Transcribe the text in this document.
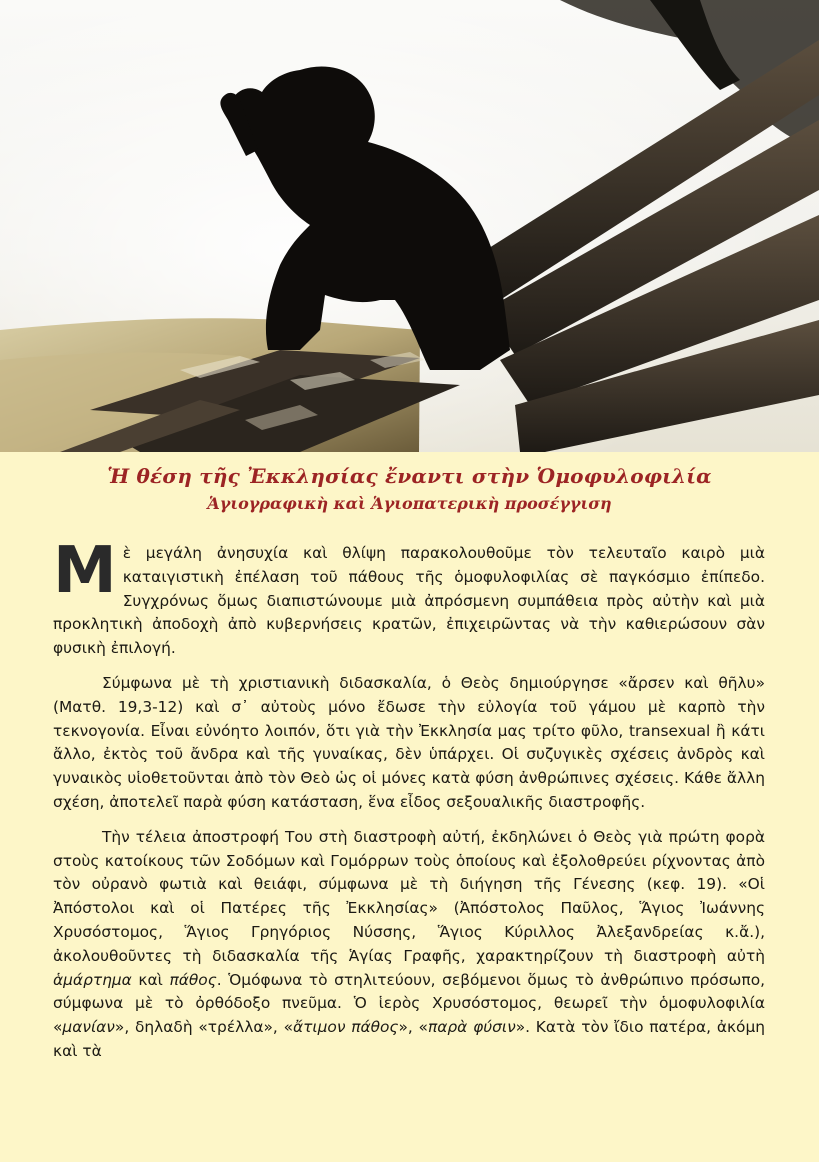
Ἡ θέση τῆς Ἐκκλησίας ἔναντι στὴν Ὁμοφυλοφιλία
Ἁγιογραφικὴ καὶ Ἁγιοπατερικὴ προσέγγιση

Μὲ μεγάλη ἀνησυχία καὶ θλίψη παρακολουθοῦμε τὸν τελευταῖο καιρὸ μιὰ καταιγιστικὴ ἐπέλαση τοῦ πάθους τῆς ὁμοφυλοφιλίας σὲ παγκόσμιο ἐπίπεδο. Συγχρόνως ὅμως διαπιστώνουμε μιὰ ἀπρόσμενη συμπάθεια πρὸς αὐτὴν καὶ μιὰ προκλητικὴ ἀποδοχὴ ἀπὸ κυβερνήσεις κρατῶν, ἐπιχειρῶντας νὰ τὴν καθιερώσουν σὰν φυσικὴ ἐπιλογή.

Σύμφωνα μὲ τὴ χριστιανικὴ διδασκαλία, ὁ Θεὸς δημιούργησε «ἄρσεν καὶ θῆλυ» (Ματθ. 19,3-12) καὶ σ᾿ αὐτοὺς μόνο ἔδωσε τὴν εὐλογία τοῦ γάμου μὲ καρπὸ τὴν τεκνογονία. Εἶναι εὐνόητο λοιπόν, ὅτι γιὰ τὴν Ἐκκλησία μας τρίτο φῦλο, transexual ἢ κάτι ἄλλο, ἐκτὸς τοῦ ἄνδρα καὶ τῆς γυναίκας, δὲν ὑπάρχει. Οἱ συζυγικὲς σχέσεις ἀνδρὸς καὶ γυναικὸς υἱοθετοῦνται ἀπὸ τὸν Θεὸ ὡς οἱ μόνες κατὰ φύση ἀνθρώπινες σχέσεις. Κάθε ἄλλη σχέση, ἀποτελεῖ παρὰ φύση κατάσταση, ἕνα εἶδος σεξουαλικῆς διαστροφῆς.

Τὴν τέλεια ἀποστροφή Του στὴ διαστροφὴ αὐτή, ἐκδηλώνει ὁ Θεὸς γιὰ πρώτη φορὰ στοὺς κατοίκους τῶν Σοδόμων καὶ Γομόρρων τοὺς ὁποίους καὶ ἐξολοθρεύει ρίχνοντας ἀπὸ τὸν οὐρανὸ φωτιὰ καὶ θειάφι, σύμφωνα μὲ τὴ διήγηση τῆς Γένεσης (κεφ. 19). «Οἱ Ἀπόστολοι καὶ οἱ Πατέρες τῆς Ἐκκλησίας» (Ἀπόστολος Παῦλος, Ἅγιος Ἰωάννης Χρυσόστομος, Ἅγιος Γρηγόριος Νύσσης, Ἅγιος Κύριλλος Ἀλεξανδρείας κ.ἄ.), ἀκολουθοῦντες τὴ διδασκαλία τῆς Ἁγίας Γραφῆς, χαρακτηρίζουν τὴ διαστροφὴ αὐτὴ ἁμάρτημα καὶ πάθος. Ὁμόφωνα τὸ στηλιτεύουν, σεβόμενοι ὅμως τὸ ἀνθρώπινο πρόσωπο, σύμφωνα μὲ τὸ ὀρθόδοξο πνεῦμα. Ὁ ἱερὸς Χρυσόστομος, θεωρεῖ τὴν ὁμοφυλοφιλία «μανίαν», δηλαδὴ «τρέλλα», «ἄτιμον πάθος», «παρὰ φύσιν». Κατὰ τὸν ἴδιο πατέρα, ἀκόμη καὶ τὰ
